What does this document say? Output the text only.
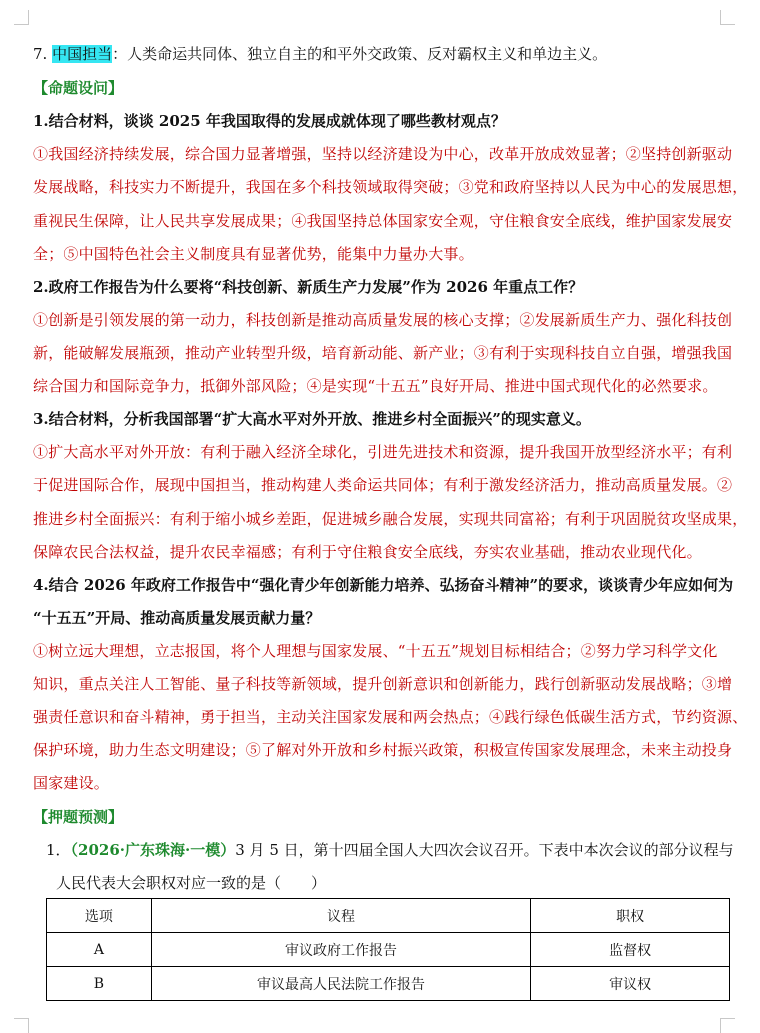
7. 中国担当：人类命运共同体、独立自主的和平外交政策、反对霸权主义和单边主义。
【命题设问】
1.结合材料，谈谈 2025 年我国取得的发展成就体现了哪些教材观点？
①我国经济持续发展，综合国力显著增强，坚持以经济建设为中心，改革开放成效显著；②坚持创新驱动
发展战略，科技实力不断提升，我国在多个科技领域取得突破；③党和政府坚持以人民为中心的发展思想，
重视民生保障，让人民共享发展成果；④我国坚持总体国家安全观，守住粮食安全底线，维护国家发展安
全；⑤中国特色社会主义制度具有显著优势，能集中力量办大事。
2.政府工作报告为什么要将“科技创新、新质生产力发展”作为 2026 年重点工作？
①创新是引领发展的第一动力，科技创新是推动高质量发展的核心支撑；②发展新质生产力、强化科技创
新，能破解发展瓶颈，推动产业转型升级，培育新动能、新产业；③有利于实现科技自立自强，增强我国
综合国力和国际竞争力，抵御外部风险；④是实现“十五五”良好开局、推进中国式现代化的必然要求。
3.结合材料，分析我国部署“扩大高水平对外开放、推进乡村全面振兴”的现实意义。
①扩大高水平对外开放：有利于融入经济全球化，引进先进技术和资源，提升我国开放型经济水平；有利
于促进国际合作，展现中国担当，推动构建人类命运共同体；有利于激发经济活力，推动高质量发展。②
推进乡村全面振兴：有利于缩小城乡差距，促进城乡融合发展，实现共同富裕；有利于巩固脱贫攻坚成果，
保障农民合法权益，提升农民幸福感；有利于守住粮食安全底线，夯实农业基础，推动农业现代化。
4.结合 2026 年政府工作报告中“强化青少年创新能力培养、弘扬奋斗精神”的要求，谈谈青少年应如何为
“十五五”开局、推动高质量发展贡献力量？
①树立远大理想，立志报国，将个人理想与国家发展、“十五五”规划目标相结合；②努力学习科学文化
知识，重点关注人工智能、量子科技等新领域，提升创新意识和创新能力，践行创新驱动发展战略；③增
强责任意识和奋斗精神，勇于担当，主动关注国家发展和两会热点；④践行绿色低碳生活方式，节约资源、
保护环境，助力生态文明建设；⑤了解对外开放和乡村振兴政策，积极宣传国家发展理念，未来主动投身
国家建设。
【押题预测】
1．（2026·广东珠海·一模）3 月 5 日，第十四届全国人大四次会议召开。下表中本次会议的部分议程与
人民代表大会职权对应一致的是（　　）
选项	议程	职权
A	审议政府工作报告	监督权
B	审议最高人民法院工作报告	审议权
